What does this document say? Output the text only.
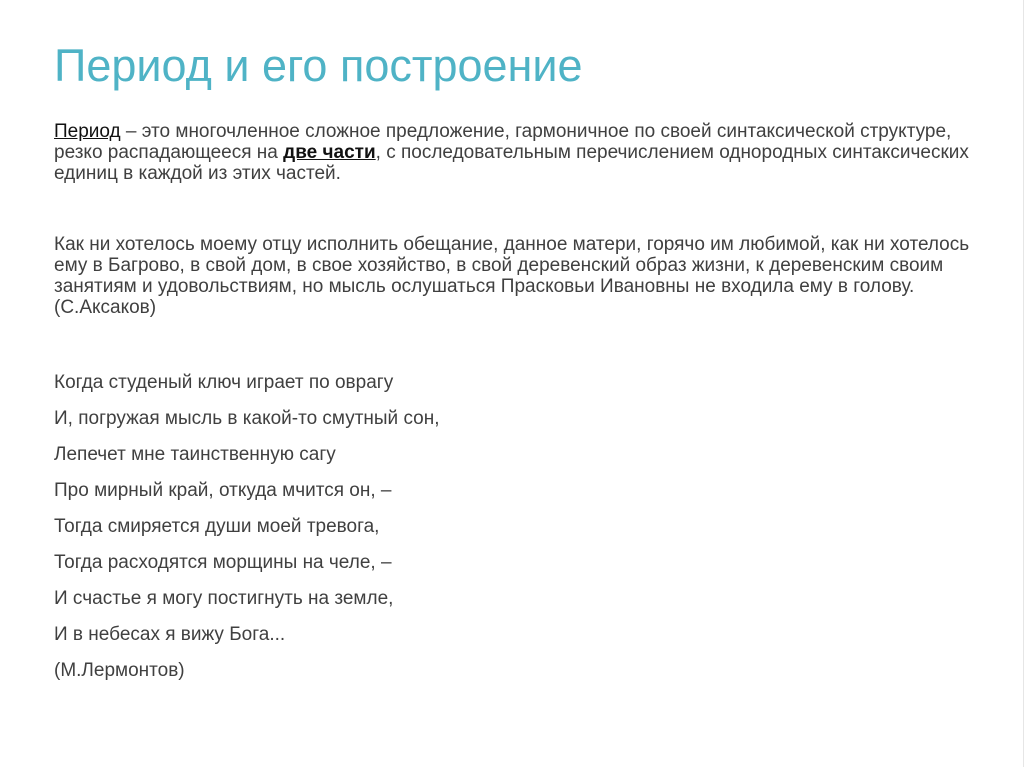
Период и его построение

Период – это многочленное сложное предложение, гармоничное по своей синтаксической структуре, резко распадающееся на две части, с последовательным перечислением однородных синтаксических единиц в каждой из этих частей.

Как ни хотелось моему отцу исполнить обещание, данное матери, горячо им любимой, как ни хотелось ему в Багрово, в свой дом, в свое хозяйство, в свой деревенский образ жизни, к деревенским своим занятиям и удовольствиям, но мысль ослушаться Прасковьи Ивановны не входила ему в голову. (С.Аксаков)

Когда студеный ключ играет по оврагу
И, погружая мысль в какой-то смутный сон,
Лепечет мне таинственную сагу
Про мирный край, откуда мчится он, –
Тогда смиряется души моей тревога,
Тогда расходятся морщины на челе, –
И счастье я могу постигнуть на земле,
И в небесах я вижу Бога...
(М.Лермонтов)
